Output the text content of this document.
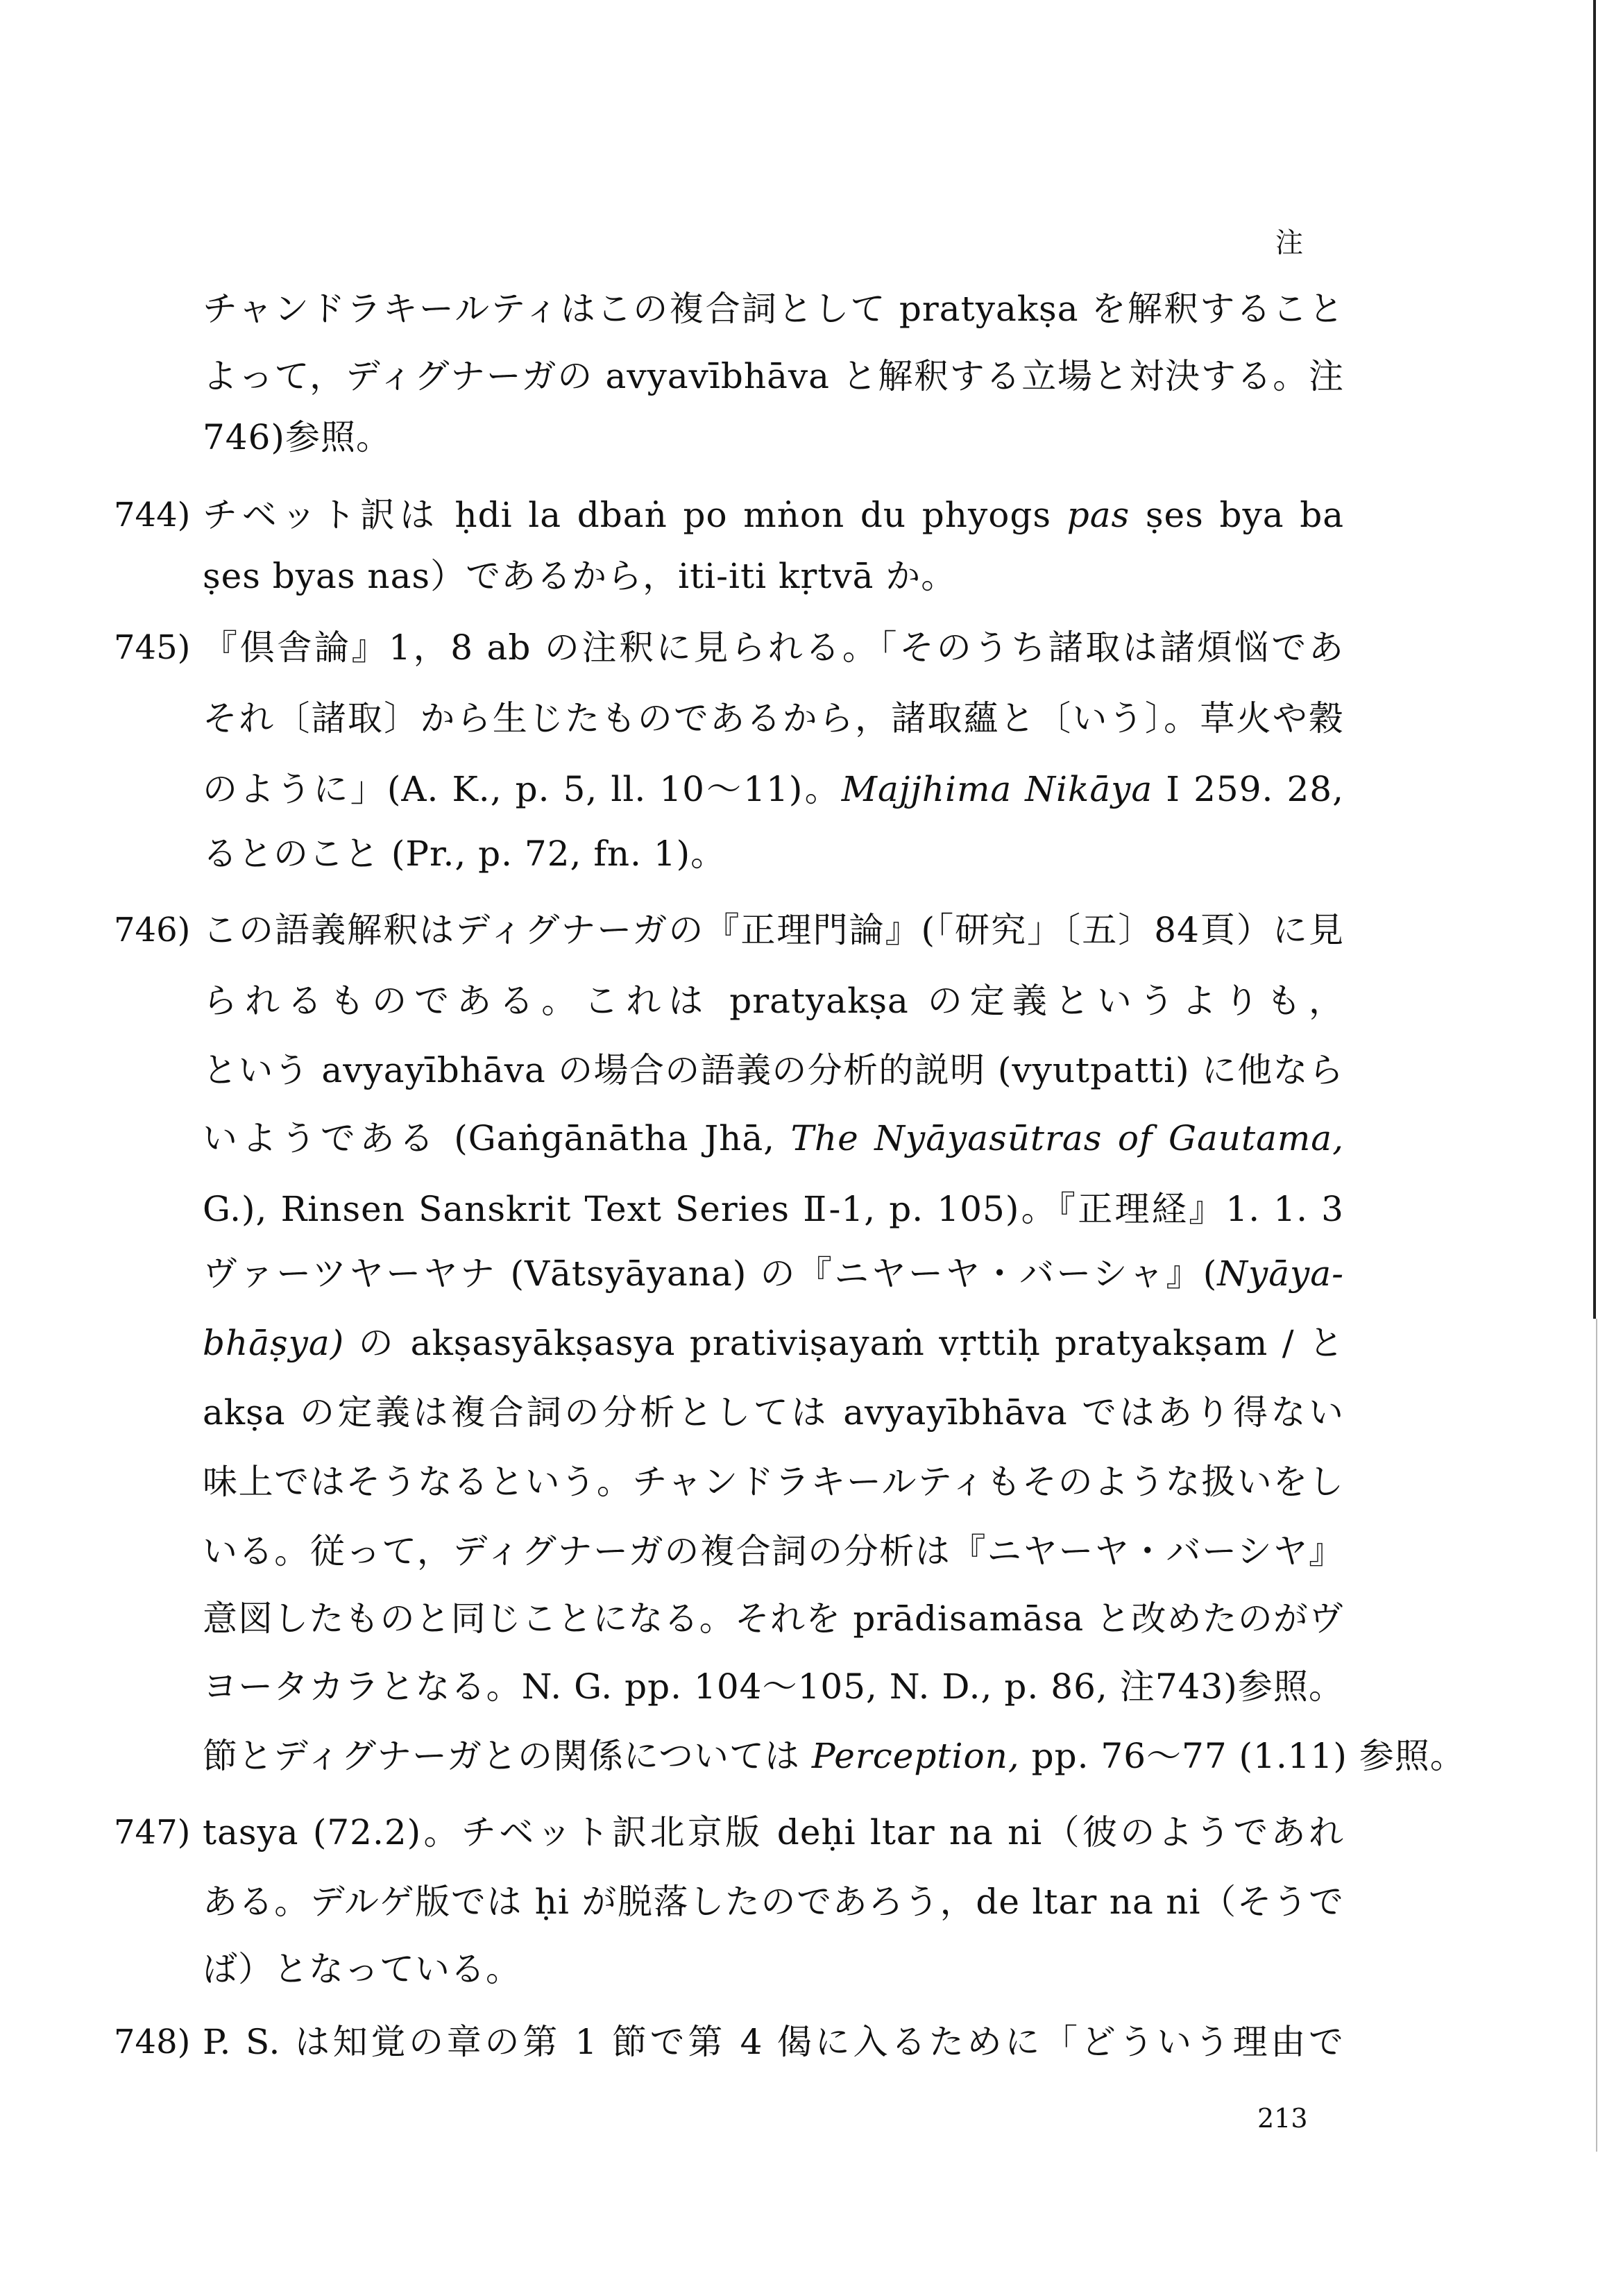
注
チャンドラキールティはこの複合詞として pratyakṣa を解釈すること
よって，ディグナーガの avyavībhāva と解釈する立場と対決する。注
746)参照。
744) チベット訳は ḥdi la dbaṅ po mṅon du phyogs pas ṣes bya ba
ṣes byas nas）であるから，iti-iti kṛtvā か。
745) 『倶舎論』1，8 ab の注釈に見られる。「そのうち諸取は諸煩悩であ
それ〔諸取〕から生じたものであるから，諸取蘊と〔いう〕。草火や穀
のように」(A. K., p. 5, ll. 10〜11)。Majjhima Nikāya I 259. 28,
るとのこと (Pr., p. 72, fn. 1)。
746) この語義解釈はディグナーガの『正理門論』(「研究」〔五〕84頁）に見
られるものである。これは pratyakṣa の定義というよりも，
という avyayībhāva の場合の語義の分析的説明 (vyutpatti) に他なら
いようである (Gaṅgānātha Jhā, The Nyāyasūtras of Gautama,
G.), Rinsen Sanskrit Text Series Ⅱ-1, p. 105)。『正理経』1. 1. 3
ヴァーツヤーヤナ (Vātsyāyana) の『ニヤーヤ・バーシャ』(Nyāya-
bhāṣya) の akṣasyākṣasya prativiṣayaṁ vṛttiḥ pratyakṣam / と
akṣa の定義は複合詞の分析としては avyayībhāva ではあり得ない
味上ではそうなるという。チャンドラキールティもそのような扱いをし
いる。従って，ディグナーガの複合詞の分析は『ニヤーヤ・バーシヤ』
意図したものと同じことになる。それを prādisamāsa と改めたのがヴ
ヨータカラとなる。N. G. pp. 104〜105, N. D., p. 86, 注743)参照。
節とディグナーガとの関係については Perception, pp. 76〜77 (1.11) 参照。
747) tasya (72.2)。チベット訳北京版 deḥi ltar na ni（彼のようであれ
ある。デルゲ版では ḥi が脱落したのであろう，de ltar na ni（そうで
ば）となっている。
748) P. S. は知覚の章の第 1 節で第 4 偈に入るために「どういう理由で
213
